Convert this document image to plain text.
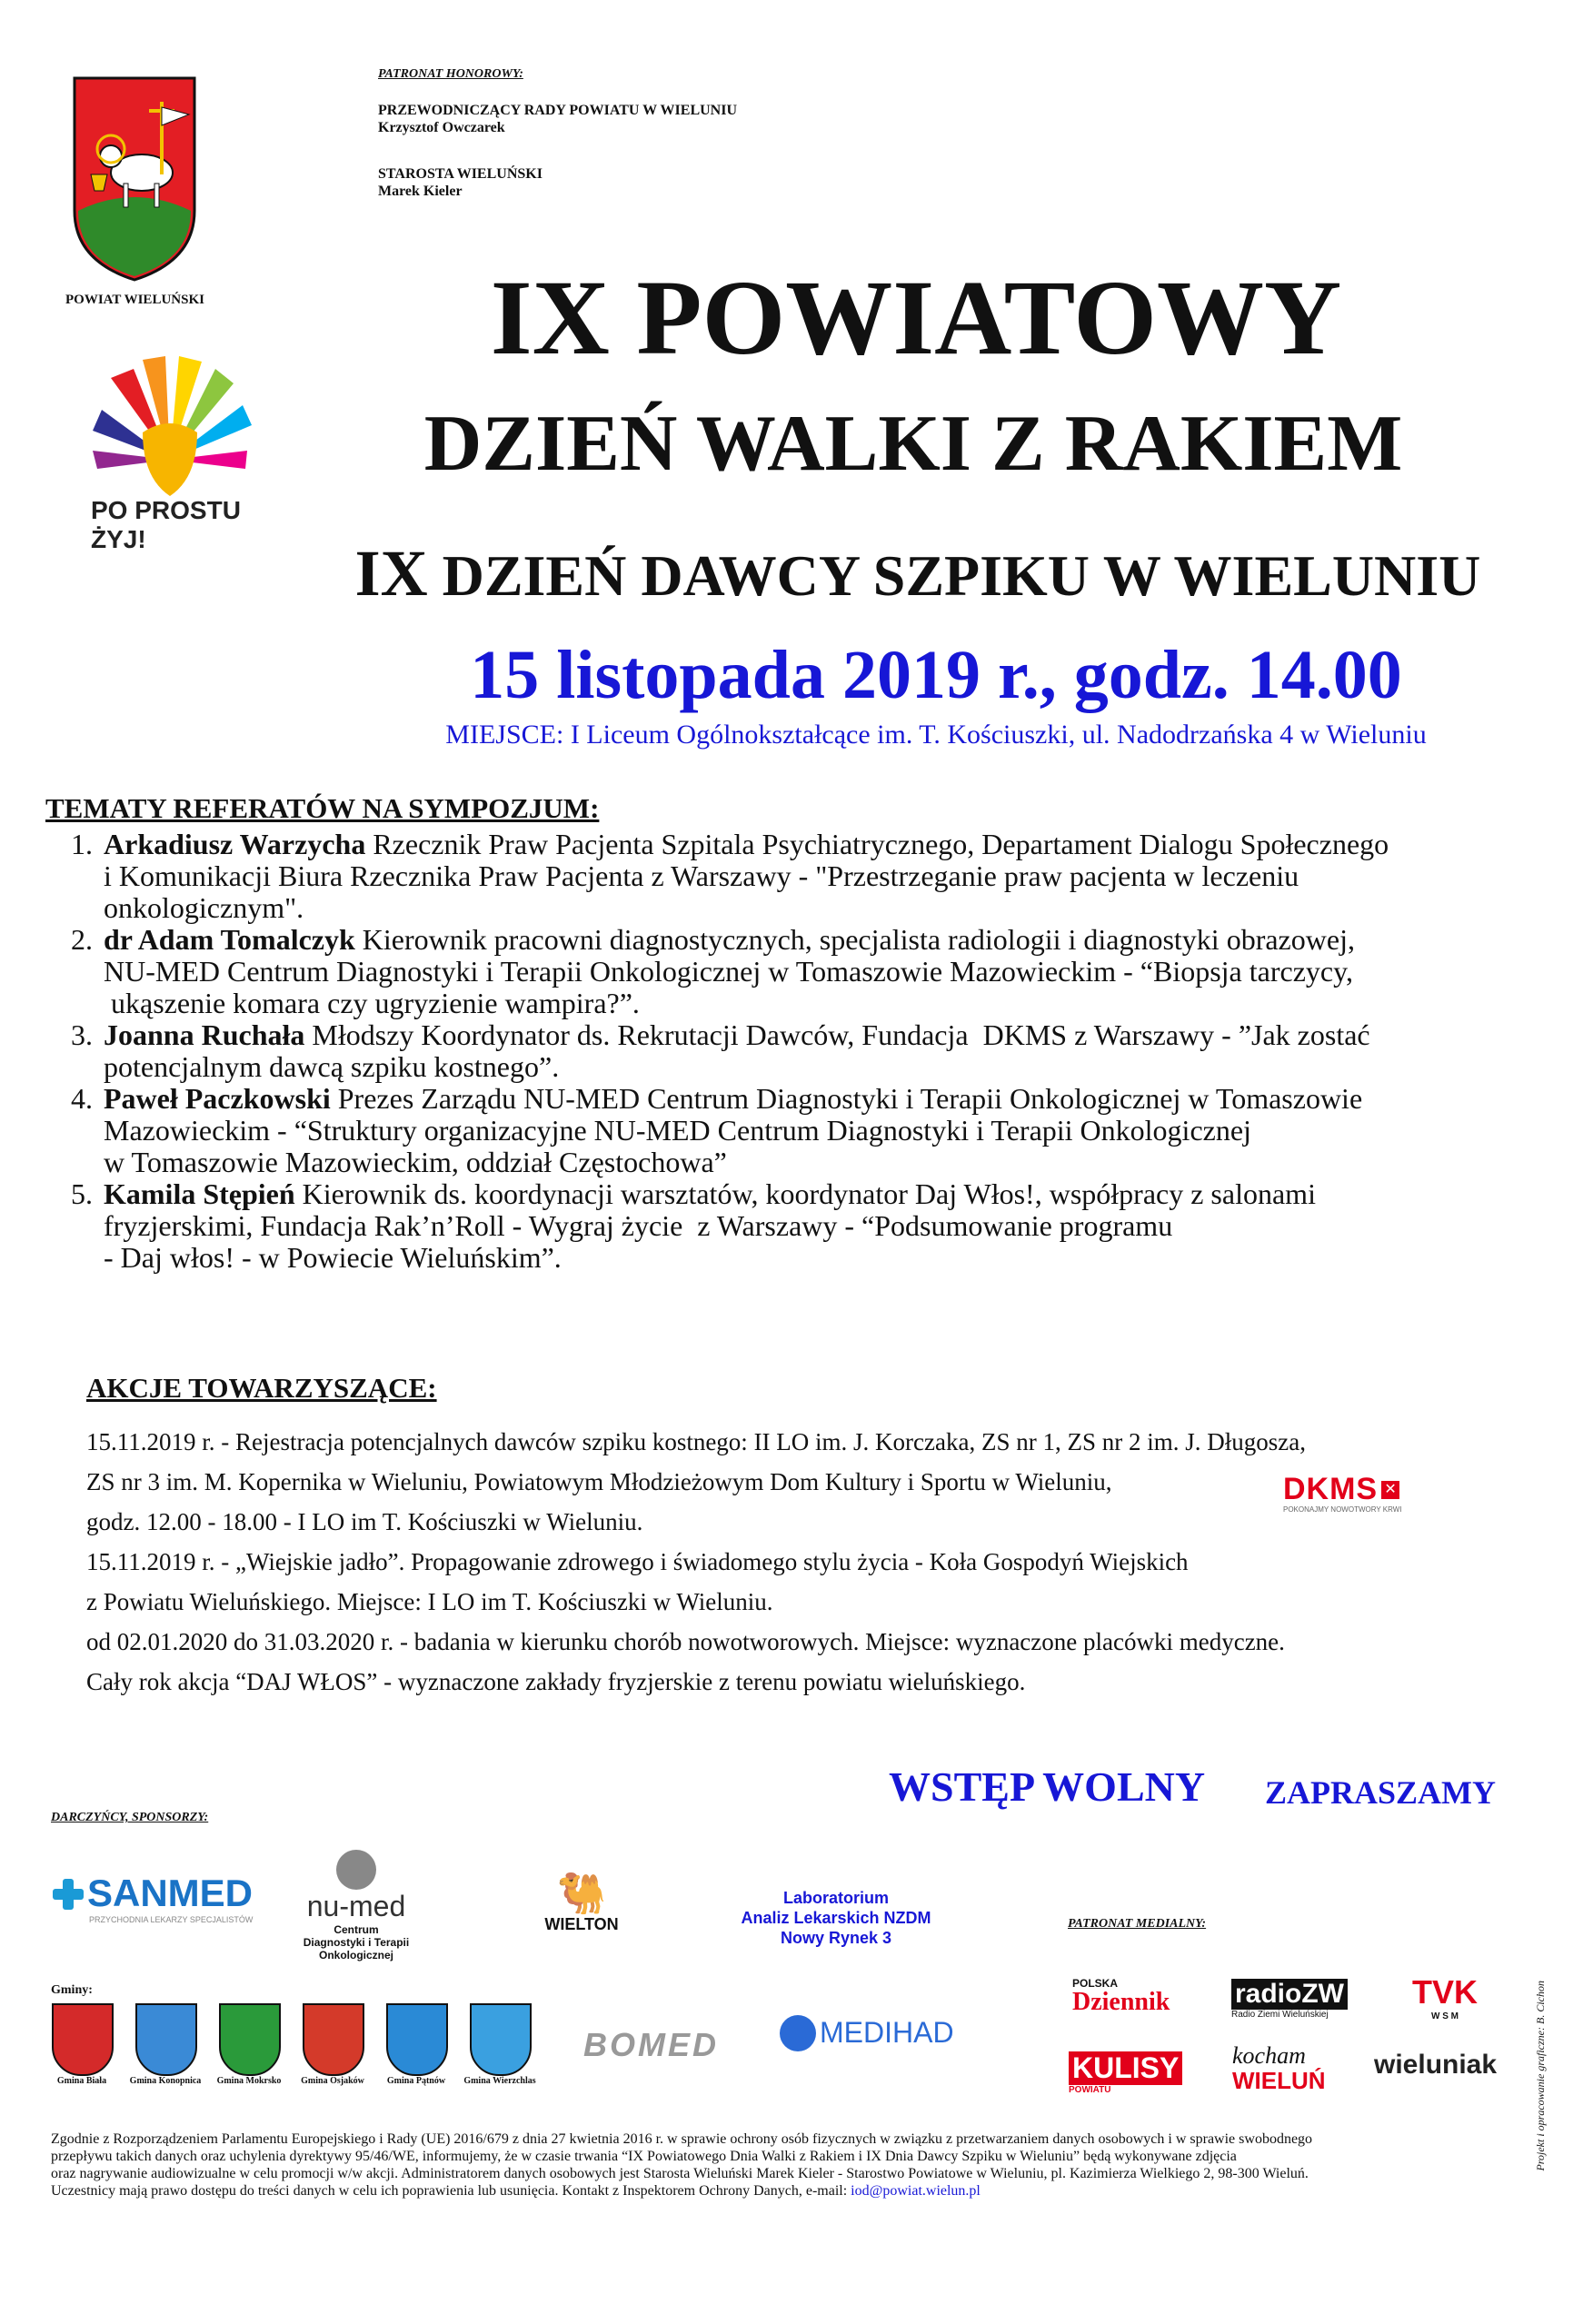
POWIAT WIELUŃSKI
PO PROSTU ŻYJ!
PATRONAT HONOROWY:
PRZEWODNICZĄCY RADY POWIATU W WIELUNIU
Krzysztof Owczarek
STAROSTA WIELUŃSKI
Marek Kieler
IX POWIATOWY
DZIEŃ WALKI Z RAKIEM
IX DZIEŃ DAWCY SZPIKU W WIELUNIU
15 listopada 2019 r., godz. 14.00
MIEJSCE: I Liceum Ogólnokształcące im. T. Kościuszki, ul. Nadodrzańska 4 w Wieluniu
TEMATY REFERATÓW NA SYMPOZJUM:
1. Arkadiusz Warzycha Rzecznik Praw Pacjenta Szpitala Psychiatrycznego, Departament Dialogu Społecznego
i Komunikacji Biura Rzecznika Praw Pacjenta z Warszawy - "Przestrzeganie praw pacjenta w leczeniu
onkologicznym".
2. dr Adam Tomalczyk Kierownik pracowni diagnostycznych, specjalista radiologii i diagnostyki obrazowej,
NU-MED Centrum Diagnostyki i Terapii Onkologicznej w Tomaszowie Mazowieckim - “Biopsja tarczycy,
ukąszenie komara czy ugryzienie wampira?”.
3. Joanna Ruchała Młodszy Koordynator ds. Rekrutacji Dawców, Fundacja  DKMS z Warszawy - ”Jak zostać
potencjalnym dawcą szpiku kostnego”.
4. Paweł Paczkowski Prezes Zarządu NU-MED Centrum Diagnostyki i Terapii Onkologicznej w Tomaszowie
Mazowieckim - “Struktury organizacyjne NU-MED Centrum Diagnostyki i Terapii Onkologicznej
w Tomaszowie Mazowieckim, oddział Częstochowa”
5. Kamila Stępień Kierownik ds. koordynacji warsztatów, koordynator Daj Włos!, współpracy z salonami
fryzjerskimi, Fundacja Rak’n’Roll - Wygraj życie  z Warszawy - “Podsumowanie programu
- Daj włos! - w Powiecie Wieluńskim”.
AKCJE TOWARZYSZĄCE:
15.11.2019 r. - Rejestracja potencjalnych dawców szpiku kostnego: II LO im. J. Korczaka, ZS nr 1, ZS nr 2 im. J. Długosza,
ZS nr 3 im. M. Kopernika w Wieluniu, Powiatowym Młodzieżowym Dom Kultury i Sportu w Wieluniu,
godz. 12.00 - 18.00 - I LO im T. Kościuszki w Wieluniu.
15.11.2019 r. - „Wiejskie jadło”. Propagowanie zdrowego i świadomego stylu życia - Koła Gospodyń Wiejskich
z Powiatu Wieluńskiego. Miejsce: I LO im T. Kościuszki w Wieluniu.
od 02.01.2020 do 31.03.2020 r. - badania w kierunku chorób nowotworowych. Miejsce: wyznaczone placówki medyczne.
Cały rok akcja “DAJ WŁOS” - wyznaczone zakłady fryzjerskie z terenu powiatu wieluńskiego.
DKMS ✕
POKONAJMY NOWOTWORY KRWI
WSTĘP WOLNY ZAPRASZAMY
DARCZYŃCY, SPONSORZY:
SANMED
PRZYCHODNIA LEKARZY SPECJALISTÓW	nu-med
Centrum
Diagnostyki i Terapii
Onkologicznej
🐫
WIELTON
Laboratorium
Analiz Lekarskich NZDM
Nowy Rynek 3
PATRONAT MEDIALNY:
Gminy:
Gmina Biała	Gmina Konopnica	Gmina Mokrsko	Gmina Osjaków	Gmina Pątnów	Gmina Wierzchlas
BOMED	MEDIHAD
POLSKA
Dziennik	radioZW
Radio Ziemi Wieluńskiej
TVK
W S M
KULISY
POWIATU
kocham
WIELUŃ
wieluniak	Projekt i opracowanie graficzne: B. Cichon
Zgodnie z Rozporządzeniem Parlamentu Europejskiego i Rady (UE) 2016/679 z dnia 27 kwietnia 2016 r. w sprawie ochrony osób fizycznych w związku z przetwarzaniem danych osobowych i w sprawie swobodnego
przepływu takich danych oraz uchylenia dyrektywy 95/46/WE, informujemy, że w czasie trwania “IX Powiatowego Dnia Walki z Rakiem i IX Dnia Dawcy Szpiku w Wieluniu” będą wykonywane zdjęcia
oraz nagrywanie audiowizualne w celu promocji w/w akcji. Administratorem danych osobowych jest Starosta Wieluński Marek Kieler - Starostwo Powiatowe w Wieluniu, pl. Kazimierza Wielkiego 2, 98-300 Wieluń.
Uczestnicy mają prawo dostępu do treści danych w celu ich poprawienia lub usunięcia. Kontakt z Inspektorem Ochrony Danych, e-mail: iod@powiat.wielun.pl
